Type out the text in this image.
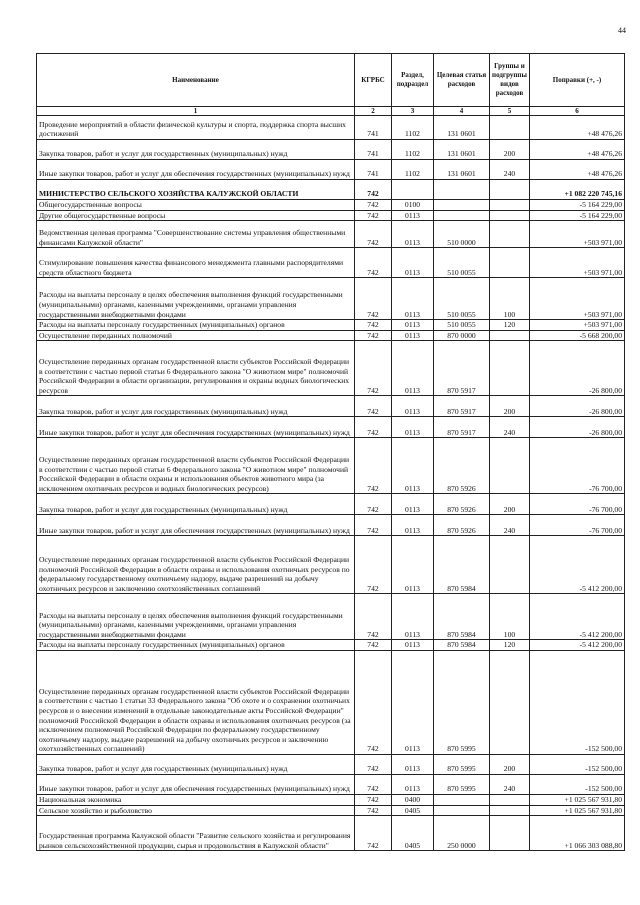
44
Наименование	КГРБС	Раздел, подраздел	Целевая статья расходов	Группы и подгруппы видов расходов	Поправки (+, -)
1	2	3	4	5	6
Проведение мероприятий в области физической культуры и спорта, поддержка спорта высших достижений	741	1102	131 0601		+48 476,26
Закупка товаров, работ и услуг для государственных (муниципальных) нужд	741	1102	131 0601	200	+48 476,26
Иные закупки товаров, работ и услуг для обеспечения государственных (муниципальных) нужд	741	1102	131 0601	240	+48 476,26
МИНИСТЕРСТВО СЕЛЬСКОГО ХОЗЯЙСТВА КАЛУЖСКОЙ ОБЛАСТИ	742				+1 082 220 745,16
Общегосударственные вопросы	742	0100			-5 164 229,00
Другие общегосударственные вопросы	742	0113			-5 164 229,00
Ведомственная целевая программа "Совершенствование системы управления общественными финансами Калужской области"	742	0113	510 0000		+503 971,00
Стимулирование повышения качества финансового менеджмента главными распорядителями средств областного бюджета	742	0113	510 0055		+503 971,00
Расходы на выплаты персоналу в целях обеспечения выполнения функций государственными (муниципальными) органами, казенными учреждениями, органами управления государственными внебюджетными фондами	742	0113	510 0055	100	+503 971,00
Расходы на выплаты персоналу государственных (муниципальных) органов	742	0113	510 0055	120	+503 971,00
Осуществление переданных полномочий	742	0113	870 0000		-5 668 200,00
Осуществление переданных органам государственной власти субъектов Российской Федерации в соответствии с частью первой статьи 6 Федерального закона "О животном мире" полномочий Российской Федерации в области организации, регулирования и охраны водных биологических ресурсов	742	0113	870 5917		-26 800,00
Закупка товаров, работ и услуг для государственных (муниципальных) нужд	742	0113	870 5917	200	-26 800,00
Иные закупки товаров, работ и услуг для обеспечения государственных (муниципальных) нужд	742	0113	870 5917	240	-26 800,00
Осуществление переданных органам государственной власти субъектов Российской Федерации в соответствии с частью первой статьи 6 Федерального закона "О животном мире" полномочий Российской Федерации в области охраны и использования объектов животного мира (за исключением охотничьих ресурсов и водных биологических ресурсов)	742	0113	870 5926		-76 700,00
Закупка товаров, работ и услуг для государственных (муниципальных) нужд	742	0113	870 5926	200	-76 700,00
Иные закупки товаров, работ и услуг для обеспечения государственных (муниципальных) нужд	742	0113	870 5926	240	-76 700,00
Осуществление переданных органам государственной власти субъектов Российской Федерации полномочий Российской Федерации в области охраны и использования охотничьих ресурсов по федеральному государственному охотничьему надзору, выдаче разрешений на добычу охотничьих ресурсов и заключению охотхозяйственных соглашений	742	0113	870 5984		-5 412 200,00
Расходы на выплаты персоналу в целях обеспечения выполнения функций государственными (муниципальными) органами, казенными учреждениями, органами управления государственными внебюджетными фондами	742	0113	870 5984	100	-5 412 200,00
Расходы на выплаты персоналу государственных (муниципальных) органов	742	0113	870 5984	120	-5 412 200,00
Осуществление переданных органам государственной власти субъектов Российской Федерации в соответствии с частью 1 статьи 33 Федерального закона "Об охоте и о сохранении охотничьих ресурсов и о внесении изменений в отдельные законодательные акты Российской Федерации" полномочий Российской Федерации в области охраны и использования охотничьих ресурсов (за исключением полномочий Российской Федерации по федеральному государственному охотничьему надзору, выдаче разрешений на добычу охотничьих ресурсов и заключению охотхозяйственных соглашений)	742	0113	870 5995		-152 500,00
Закупка товаров, работ и услуг для государственных (муниципальных) нужд	742	0113	870 5995	200	-152 500,00
Иные закупки товаров, работ и услуг для обеспечения государственных (муниципальных) нужд	742	0113	870 5995	240	-152 500,00
Национальная экономика	742	0400			+1 025 567 931,80
Сельское хозяйство и рыболовство	742	0405			+1 025 567 931,80
Государственная программа Калужской области "Развитие сельского хозяйства и регулирования рынков сельскохозяйственной продукции, сырья и продовольствия в Калужской области"	742	0405	250 0000		+1 066 303 088,80
